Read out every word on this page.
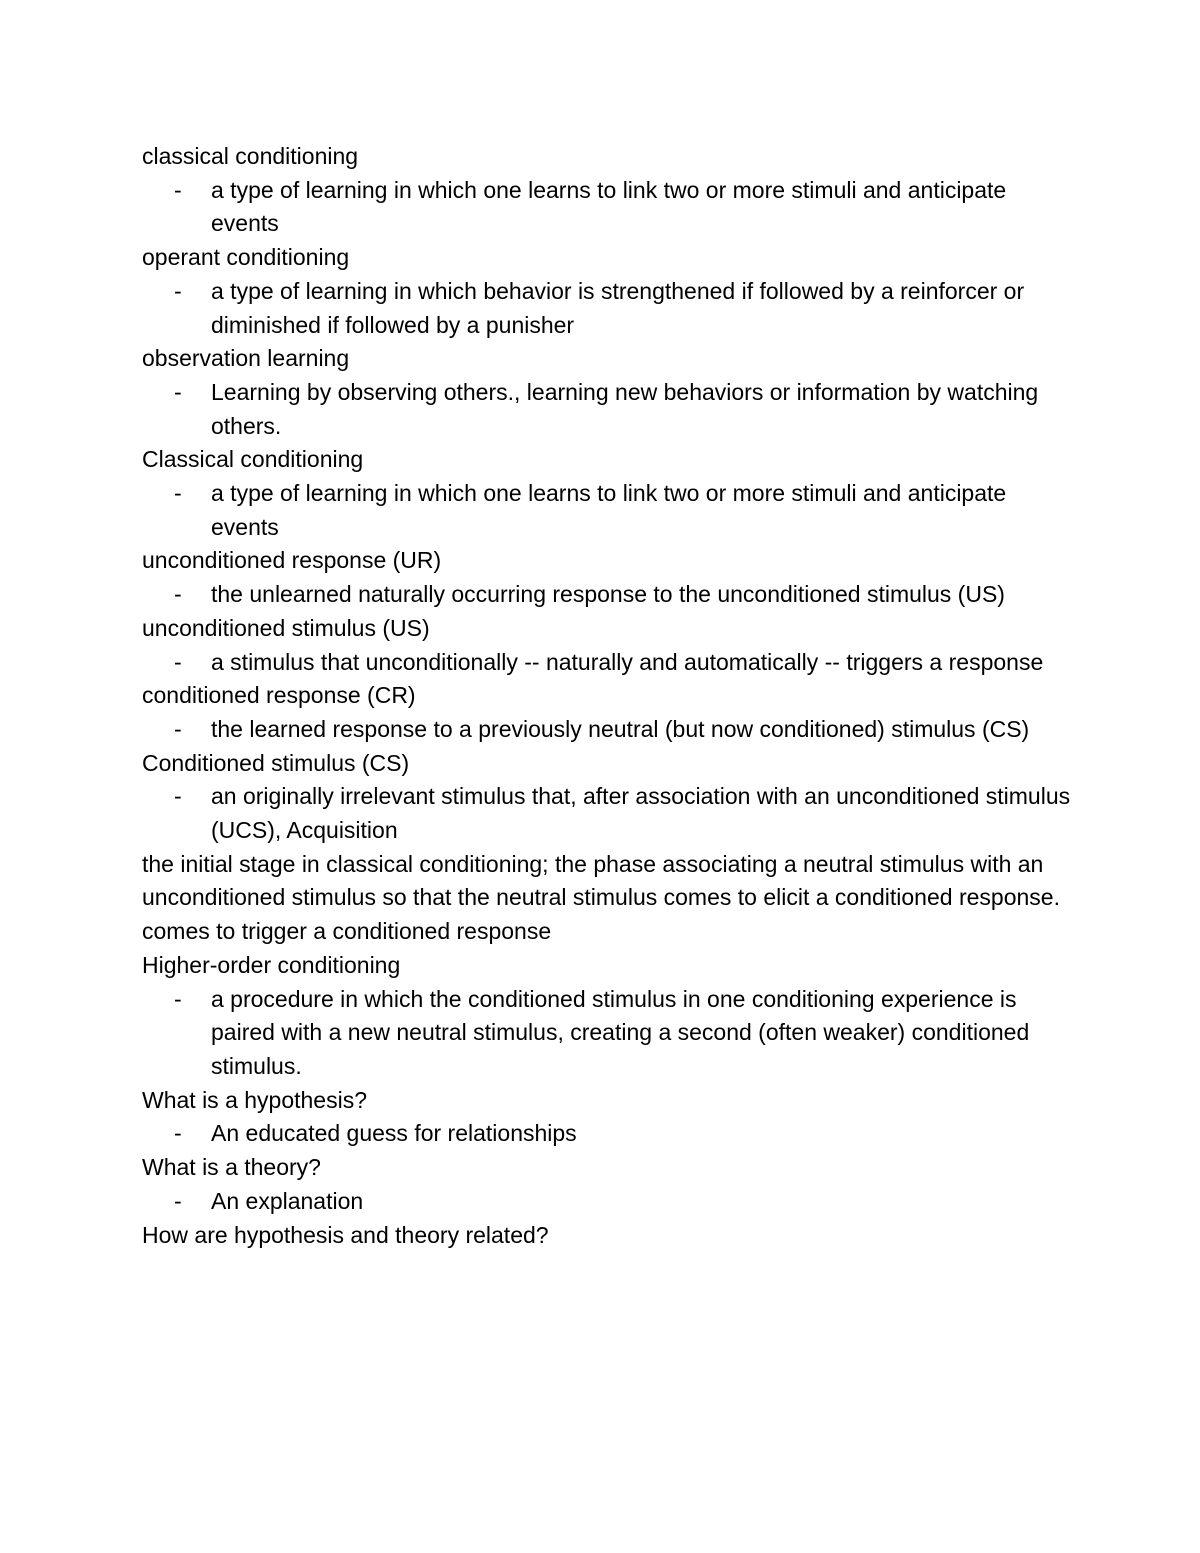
classical conditioning
- a type of learning in which one learns to link two or more stimuli and anticipate events
operant conditioning
- a type of learning in which behavior is strengthened if followed by a reinforcer or diminished if followed by a punisher
observation learning
- Learning by observing others., learning new behaviors or information by watching others.
Classical conditioning
- a type of learning in which one learns to link two or more stimuli and anticipate events
unconditioned response (UR)
- the unlearned naturally occurring response to the unconditioned stimulus (US)
unconditioned stimulus (US)
- a stimulus that unconditionally -- naturally and automatically -- triggers a response
conditioned response (CR)
- the learned response to a previously neutral (but now conditioned) stimulus (CS)
Conditioned stimulus (CS)
- an originally irrelevant stimulus that, after association with an unconditioned stimulus (UCS), Acquisition
the initial stage in classical conditioning; the phase associating a neutral stimulus with an unconditioned stimulus so that the neutral stimulus comes to elicit a conditioned response.
comes to trigger a conditioned response
Higher-order conditioning
- a procedure in which the conditioned stimulus in one conditioning experience is paired with a new neutral stimulus, creating a second (often weaker) conditioned stimulus.
What is a hypothesis?
- An educated guess for relationships
What is a theory?
- An explanation
How are hypothesis and theory related?
